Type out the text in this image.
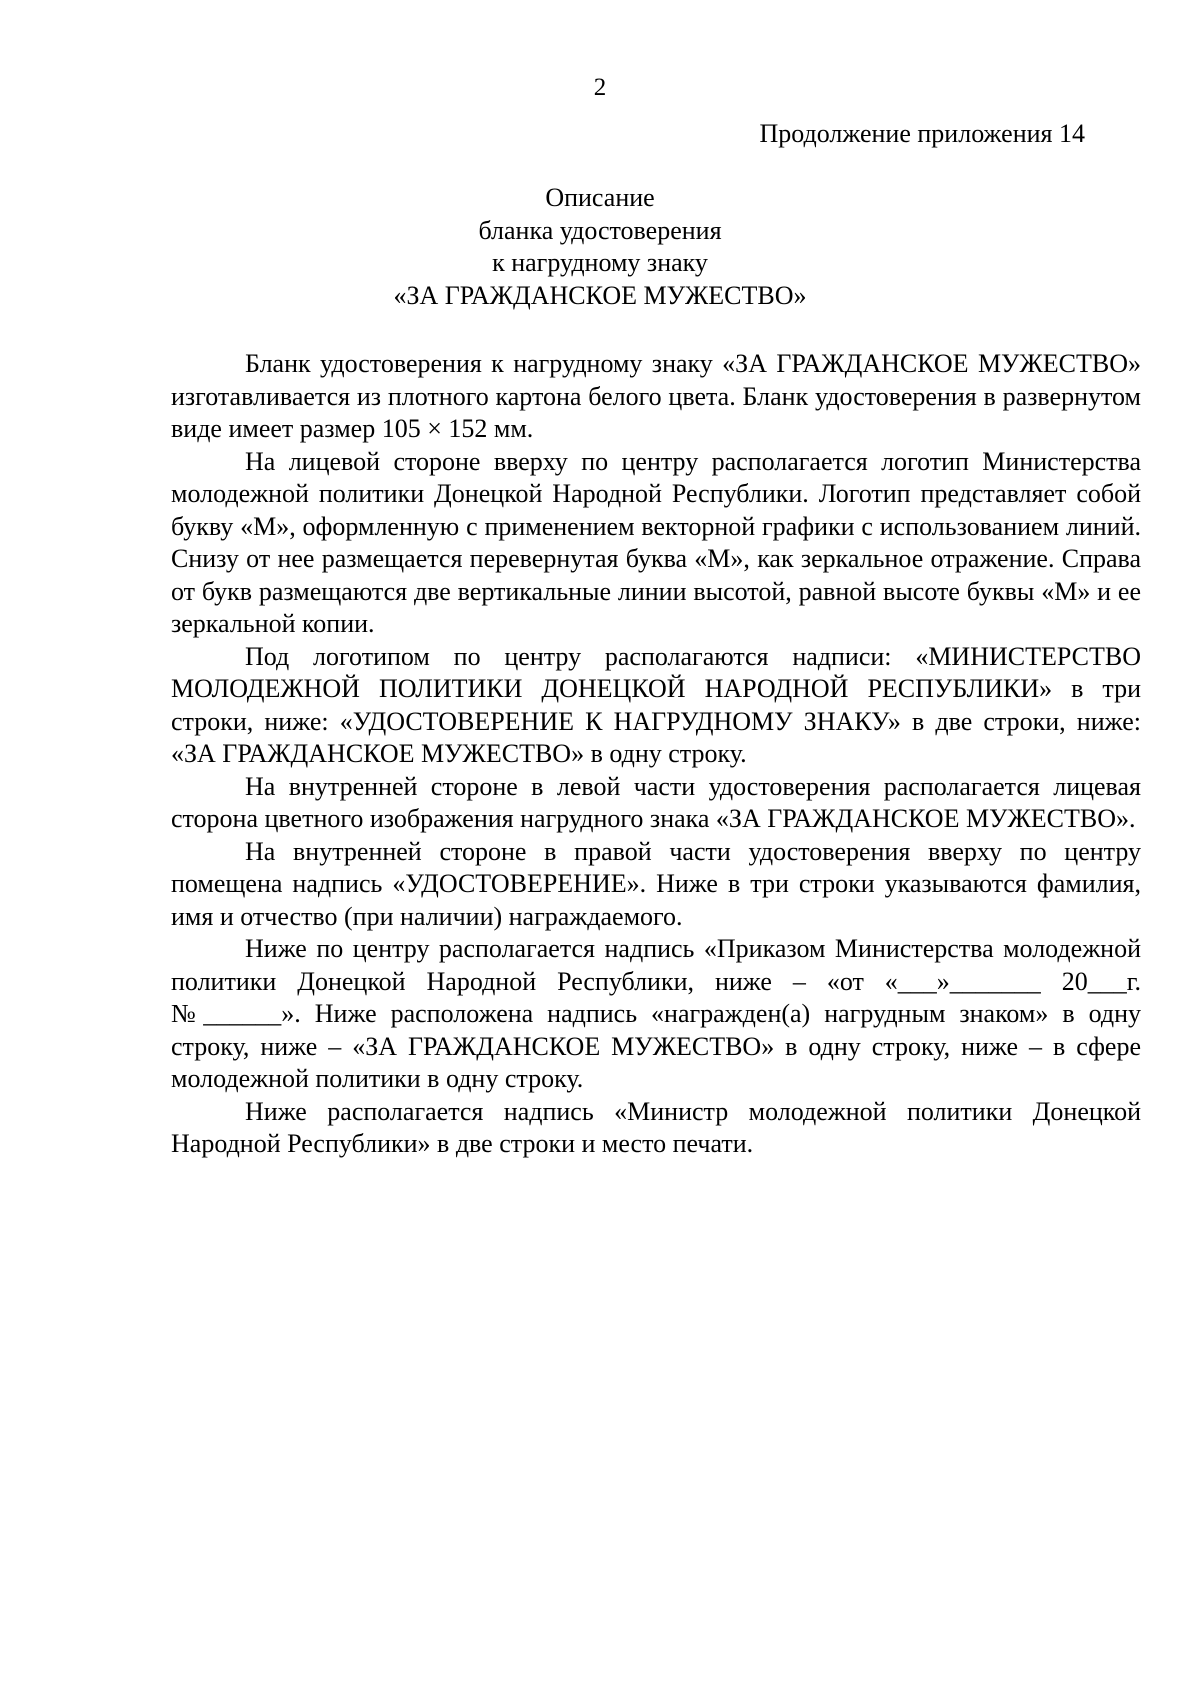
2
Продолжение приложения 14
Описание
бланка удостоверения
к нагрудному знаку
«ЗА ГРАЖДАНСКОЕ МУЖЕСТВО»

Бланк удостоверения к нагрудному знаку «ЗА ГРАЖДАНСКОЕ МУЖЕСТВО» изготавливается из плотного картона белого цвета. Бланк удостоверения в развернутом виде имеет размер 105 × 152 мм.

На лицевой стороне вверху по центру располагается логотип Министерства молодежной политики Донецкой Народной Республики. Логотип представляет собой букву «М», оформленную с применением векторной графики с использованием линий. Снизу от нее размещается перевернутая буква «М», как зеркальное отражение. Справа от букв размещаются две вертикальные линии высотой, равной высоте буквы «М» и ее зеркальной копии.

Под логотипом по центру располагаются надписи: «МИНИСТЕРСТВО МОЛОДЕЖНОЙ ПОЛИТИКИ ДОНЕЦКОЙ НАРОДНОЙ РЕСПУБЛИКИ» в три строки, ниже: «УДОСТОВЕРЕНИЕ К НАГРУДНОМУ ЗНАКУ» в две строки, ниже: «ЗА ГРАЖДАНСКОЕ МУЖЕСТВО» в одну строку.

На внутренней стороне в левой части удостоверения располагается лицевая сторона цветного изображения нагрудного знака «ЗА ГРАЖДАНСКОЕ МУЖЕСТВО».

На внутренней стороне в правой части удостоверения вверху по центру помещена надпись «УДОСТОВЕРЕНИЕ». Ниже в три строки указываются фамилия, имя и отчество (при наличии) награждаемого.

Ниже по центру располагается надпись «Приказом Министерства молодежной политики Донецкой Народной Республики, ниже – «от «___»_______ 20___г. №______». Ниже расположена надпись «награжден(а) нагрудным знаком» в одну строку, ниже – «ЗА ГРАЖДАНСКОЕ МУЖЕСТВО» в одну строку, ниже – в сфере молодежной политики в одну строку.

Ниже располагается надпись «Министр молодежной политики Донецкой Народной Республики» в две строки и место печати.
